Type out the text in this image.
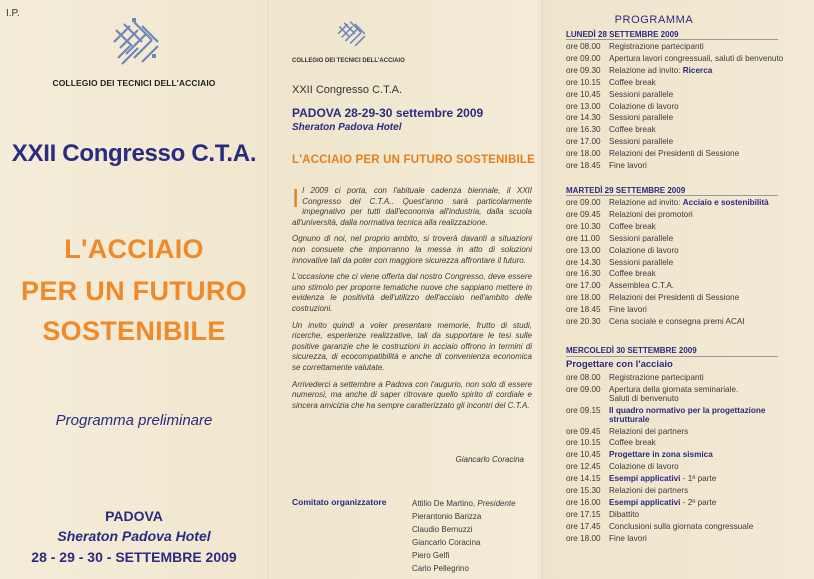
I.P.
COLLEGIO DEI TECNICI DELL'ACCIAIO
XXII Congresso C.T.A.
L'ACCIAIO
PER UN FUTURO
SOSTENIBILE
Programma preliminare
PADOVA
Sheraton Padova Hotel
28 - 29 - 30 - SETTEMBRE 2009
COLLEGIO DEI TECNICI DELL'ACCIAIO
XXII Congresso C.T.A.
PADOVA 28-29-30 settembre 2009
Sheraton Padova Hotel
L'ACCIAIO PER UN FUTURO SOSTENIBILE

Il 2009 ci porta, con l'abituale cadenza biennale, il XXII Congresso del C.T.A.. Quest'anno sarà particolarmente impegnativo per tutti dall'economia all'industria, dalla scuola all'università, dalla normativa tecnica alla realizzazione.

Ognuno di noi, nel proprio ambito, si troverà davanti a situazioni non consuete che imporranno la messa in atto di soluzioni innovative tali da poter con maggiore sicurezza affrontare il futuro.

L'occasione che ci viene offerta dal nostro Congresso, deve essere uno stimolo per proporre tematiche nuove che sappiano mettere in evidenza le positività dell'utilizzo dell'acciaio nell'ambito delle costruzioni.

Un invito quindi a voler presentare memorie, frutto di studi, ricerche, esperienze realizzative, tali da supportare le tesi sulle positive garanzie che le costruzioni in acciaio offrono in termini di sicurezza, di ecocompatibilità e anche di convenienza economica se correttamente valutate.

Arrivederci a settembre a Padova con l'augurio, non solo di essere numerosi, ma anche di saper ritrovare quello spirito di cordiale e sincera amicizia che ha sempre caratterizzato gli incontri del C.T.A.

Giancarlo Coracina
Comitato organizzatore	Attilio De Martino, Presidente
Pierantonio Barizza
Claudio Bernuzzi
Giancarlo Coracina
Piero Gelfi
Carlo Pellegrino
PROGRAMMA
LUNEDÌ 28 SETTEMBRE 2009
ore 08.00 Registrazione partecipanti
ore 09.00 Apertura lavori congressuali, saluti di benvenuto
ore 09.30 Relazione ad invito: Ricerca
ore 10.15 Coffee break
ore 10.45 Sessioni parallele
ore 13.00 Colazione di lavoro
ore 14.30 Sessioni parallele
ore 16.30 Coffee break
ore 17.00 Sessioni parallele
ore 18.00 Relazioni dei Presidenti di Sessione
ore 18.45 Fine lavori
MARTEDÌ 29 SETTEMBRE 2009
ore 09.00 Relazione ad invito: Acciaio e sostenibilità
ore 09.45 Relazioni dei promotori
ore 10.30 Coffee break
ore 11.00 Sessioni parallele
ore 13.00 Colazione di lavoro
ore 14.30 Sessioni parallele
ore 16.30 Coffee break
ore 17.00 Assemblea C.T.A.
ore 18.00 Relazioni dei Presidenti di Sessione
ore 18.45 Fine lavori
ore 20.30 Cena sociale e consegna premi ACAI
MERCOLEDÌ 30 SETTEMBRE 2009
Progettare con l'acciaio
ore 08.00 Registrazione partecipanti
ore 09.00 Apertura della giornata seminariale.
Saluti di benvenuto
ore 09.15 Il quadro normativo per la progettazione
strutturale
ore 09.45 Relazioni dei partners
ore 10.15 Coffee break
ore 10.45 Progettare in zona sismica
ore 12.45 Colazione di lavoro
ore 14.15 Esempi applicativi - 1ª parte
ore 15.30 Relazioni dei partners
ore 16.00 Esempi applicativi - 2ª parte
ore 17.15 Dibattito
ore 17.45 Conclusioni sulla giornata congressuale
ore 18.00 Fine lavori
